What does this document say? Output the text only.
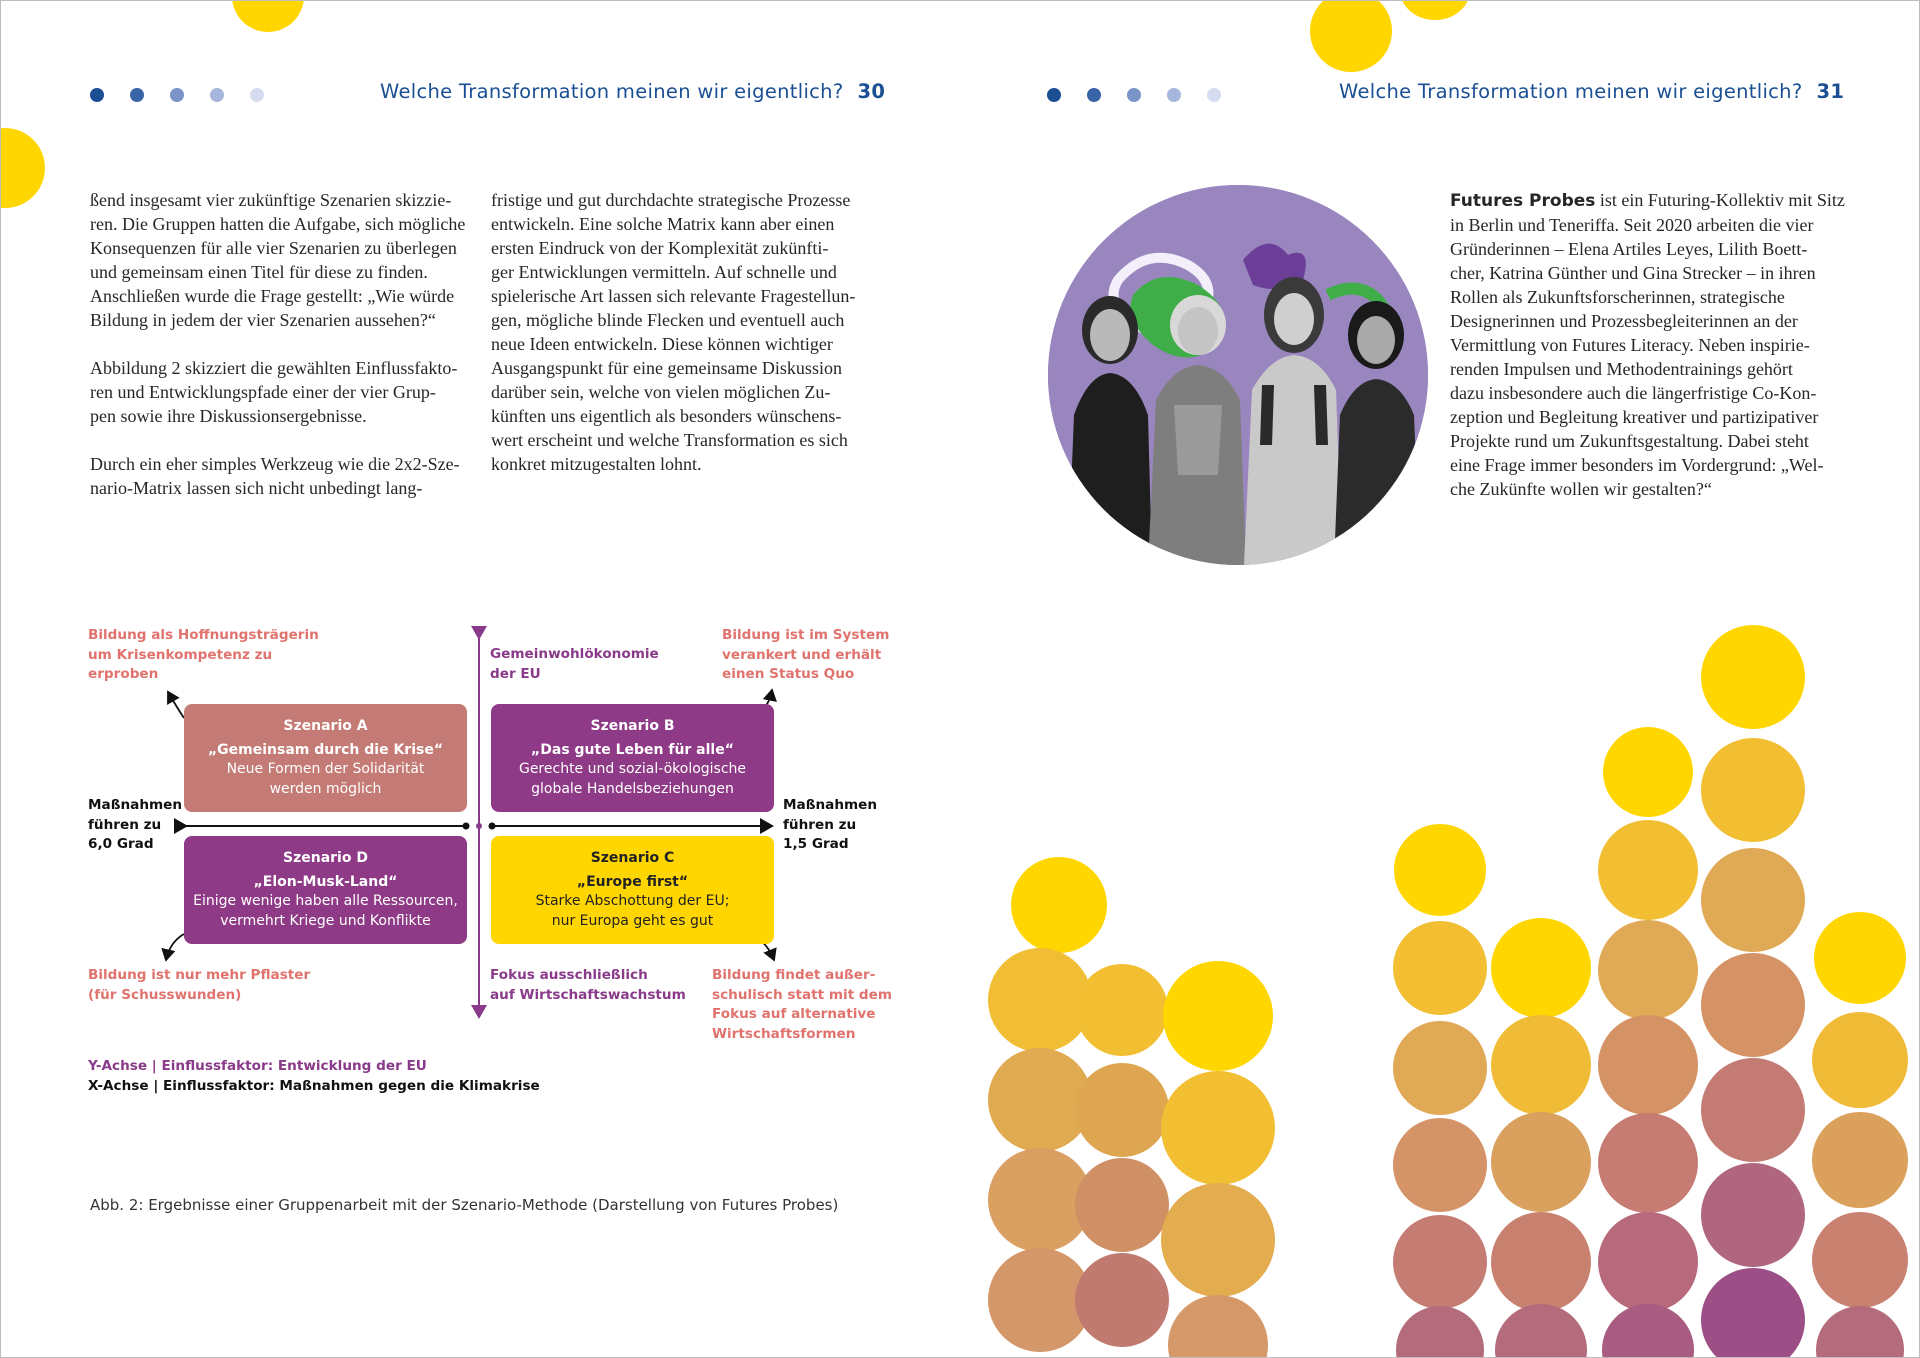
Welche Transformation meinen wir eigentlich? 30	Welche Transformation meinen wir eigentlich? 31

ßend insgesamt vier zukünftige Szenarien skizzie-
ren. Die Gruppen hatten die Aufgabe, sich mögliche
Konsequenzen für alle vier Szenarien zu überlegen
und gemeinsam einen Titel für diese zu finden.
Anschließen wurde die Frage gestellt: „Wie würde
Bildung in jedem der vier Szenarien aussehen?“

Abbildung 2 skizziert die gewählten Einflussfakto-
ren und Entwicklungspfade einer der vier Grup-
pen sowie ihre Diskussionsergebnisse.

Durch ein eher simples Werkzeug wie die 2x2-Sze-
nario-Matrix lassen sich nicht unbedingt lang-

fristige und gut durchdachte strategische Prozesse
entwickeln. Eine solche Matrix kann aber einen
ersten Eindruck von der Komplexität zukünfti-
ger Entwicklungen vermitteln. Auf schnelle und
spielerische Art lassen sich relevante Fragestellun-
gen, mögliche blinde Flecken und eventuell auch
neue Ideen entwickeln. Diese können wichtiger
Ausgangspunkt für eine gemeinsame Diskussion
darüber sein, welche von vielen möglichen Zu-
künften uns eigentlich als besonders wünschens-
wert erscheint und welche Transformation es sich
konkret mitzugestalten lohnt.

Bildung als Hoffnungsträgerin
um Krisenkompetenz zu
erproben
Bildung ist im System
verankert und erhält
einen Status Quo
Bildung ist nur mehr Pflaster
(für Schusswunden)
Bildung findet außer-
schulisch statt mit dem
Fokus auf alternative
Wirtschaftsformen
Gemeinwohlökonomie
der EU
Fokus ausschließlich
auf Wirtschaftswachstum
Maßnahmen
führen zu
6,0 Grad
Maßnahmen
führen zu
1,5 Grad
Szenario A
„Gemeinsam durch die Krise“
Neue Formen der Solidarität
werden möglich
Szenario B
„Das gute Leben für alle“
Gerechte und sozial-ökologische
globale Handelsbeziehungen
Szenario D
„Elon-Musk-Land“
Einige wenige haben alle Ressourcen,
vermehrt Kriege und Konflikte
Szenario C
„Europe first“
Starke Abschottung der EU;
nur Europa geht es gut
Y-Achse | Einflussfaktor: Entwicklung der EU
X-Achse | Einflussfaktor: Maßnahmen gegen die Klimakrise
Abb. 2: Ergebnisse einer Gruppenarbeit mit der Szenario-Methode (Darstellung von Futures Probes)
Futures Probes ist ein Futuring-Kollektiv mit Sitz
in Berlin und Teneriffa. Seit 2020 arbeiten die vier
Gründerinnen – Elena Artiles Leyes, Lilith Boett-
cher, Katrina Günther und Gina Strecker – in ihren
Rollen als Zukunftsforscherinnen, strategische
Designerinnen und Prozessbegleiterinnen an der
Vermittlung von Futures Literacy. Neben inspirie-
renden Impulsen und Methodentrainings gehört
dazu insbesondere auch die längerfristige Co-Kon-
zeption und Begleitung kreativer und partizipativer
Projekte rund um Zukunftsgestaltung. Dabei steht
eine Frage immer besonders im Vordergrund: „Wel-
che Zukünfte wollen wir gestalten?“
